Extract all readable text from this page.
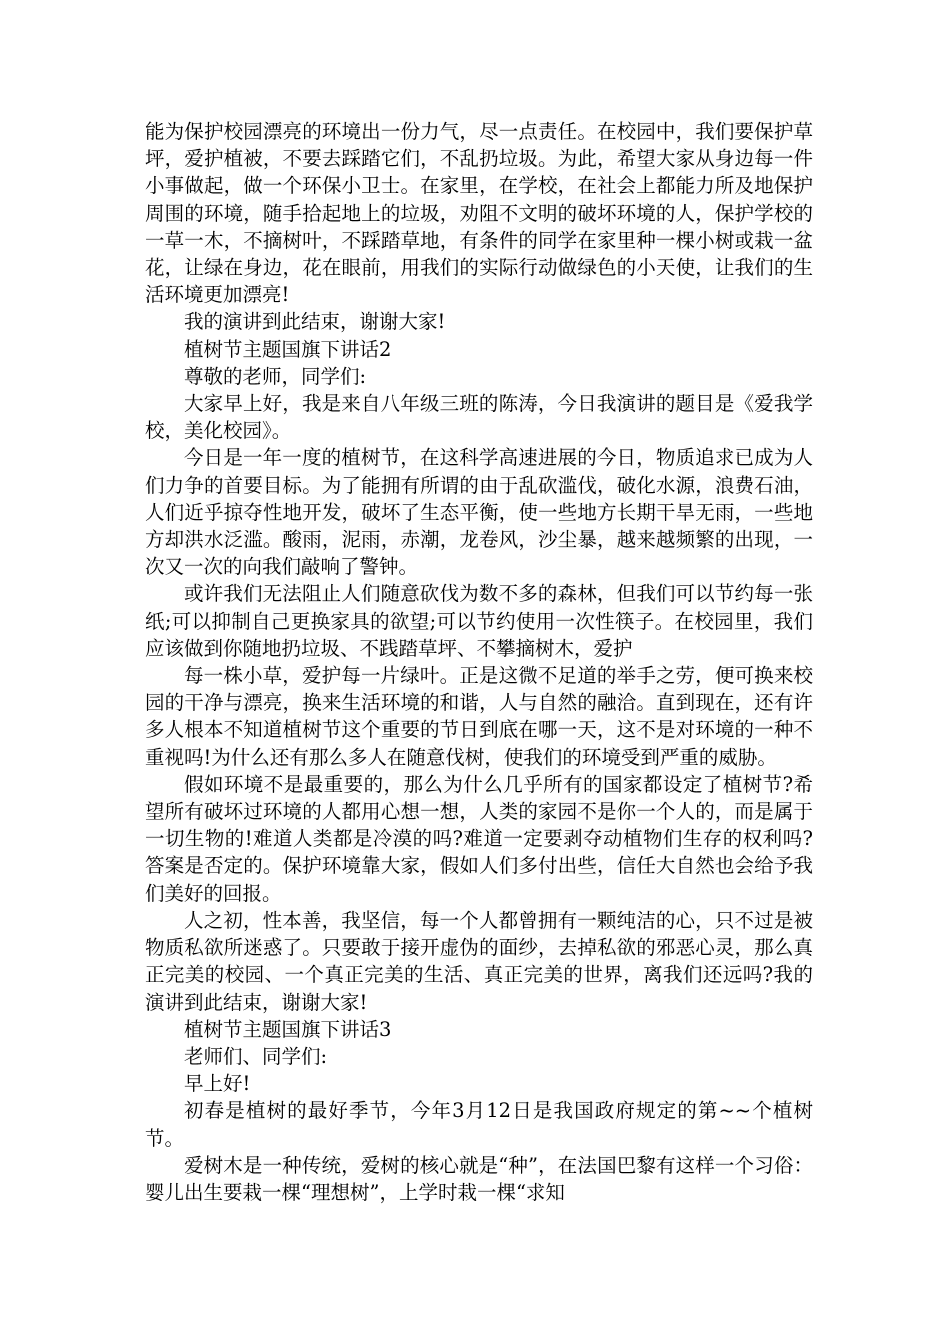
能为保护校园漂亮的环境出一份力气，尽一点责任。在校园中，我们要保护草坪，爱护植被，不要去踩踏它们，不乱扔垃圾。为此，希望大家从身边每一件小事做起，做一个环保小卫士。在家里，在学校，在社会上都能力所及地保护周围的环境，随手拾起地上的垃圾，劝阻不文明的破坏环境的人，保护学校的一草一木，不摘树叶，不踩踏草地，有条件的同学在家里种一棵小树或栽一盆花，让绿在身边，花在眼前，用我们的实际行动做绿色的小天使，让我们的生活环境更加漂亮!

我的演讲到此结束，谢谢大家!

植树节主题国旗下讲话2

尊敬的老师，同学们:

大家早上好，我是来自八年级三班的陈涛，今日我演讲的题目是《爱我学校，美化校园》。

今日是一年一度的植树节，在这科学高速进展的今日，物质追求已成为人们力争的首要目标。为了能拥有所谓的由于乱砍滥伐，破化水源，浪费石油，人们近乎掠夺性地开发，破坏了生态平衡，使一些地方长期干旱无雨，一些地方却洪水泛滥。酸雨，泥雨，赤潮，龙卷风，沙尘暴，越来越频繁的出现，一次又一次的向我们敲响了警钟。

或许我们无法阻止人们随意砍伐为数不多的森林，但我们可以节约每一张纸;可以抑制自己更换家具的欲望;可以节约使用一次性筷子。在校园里，我们应该做到你随地扔垃圾、不践踏草坪、不攀摘树木，爱护

每一株小草，爱护每一片绿叶。正是这微不足道的举手之劳，便可换来校园的干净与漂亮，换来生活环境的和谐，人与自然的融洽。直到现在，还有许多人根本不知道植树节这个重要的节日到底在哪一天，这不是对环境的一种不重视吗!为什么还有那么多人在随意伐树，使我们的环境受到严重的威胁。

假如环境不是最重要的，那么为什么几乎所有的国家都设定了植树节?希望所有破坏过环境的人都用心想一想，人类的家园不是你一个人的，而是属于一切生物的!难道人类都是冷漠的吗?难道一定要剥夺动植物们生存的权利吗?答案是否定的。保护环境靠大家，假如人们多付出些，信任大自然也会给予我们美好的回报。

人之初，性本善，我坚信，每一个人都曾拥有一颗纯洁的心，只不过是被物质私欲所迷惑了。只要敢于接开虚伪的面纱，去掉私欲的邪恶心灵，那么真正完美的校园、一个真正完美的生活、真正完美的世界，离我们还远吗?我的演讲到此结束，谢谢大家!

植树节主题国旗下讲话3

老师们、同学们:

早上好!

初春是植树的最好季节，今年3月12日是我国政府规定的第~~个植树节。

爱树木是一种传统，爱树的核心就是“种”，在法国巴黎有这样一个习俗：婴儿出生要栽一棵“理想树”，上学时栽一棵“求知
